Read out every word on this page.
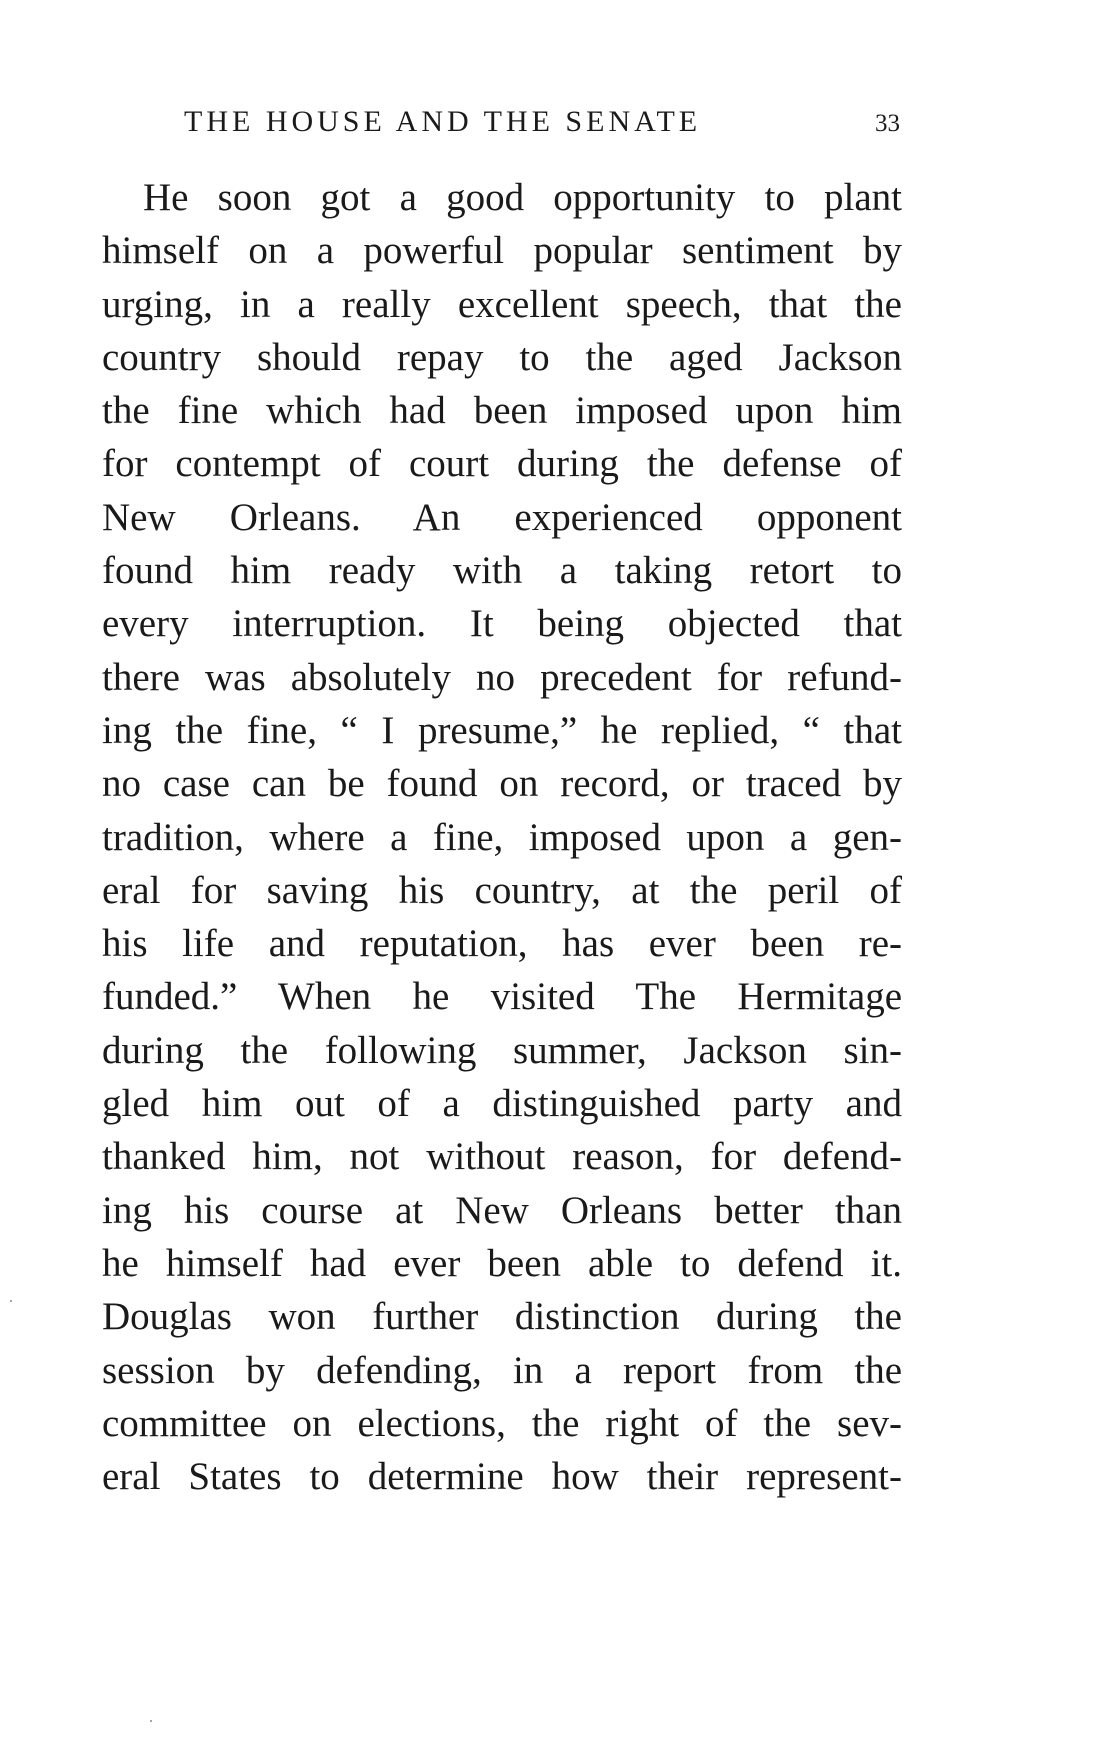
THE HOUSE AND THE SENATE	33
He soon got a good opportunity to plant
himself on a powerful popular sentiment by
urging, in a really excellent speech, that the
country should repay to the aged Jackson
the fine which had been imposed upon him
for contempt of court during the defense of
New Orleans. An experienced opponent
found him ready with a taking retort to
every interruption. It being objected that
there was absolutely no precedent for refund-
ing the fine, “ I presume,” he replied, “ that
no case can be found on record, or traced by
tradition, where a fine, imposed upon a gen-
eral for saving his country, at the peril of
his life and reputation, has ever been re-
funded.” When he visited The Hermitage
during the following summer, Jackson sin-
gled him out of a distinguished party and
thanked him, not without reason, for defend-
ing his course at New Orleans better than
he himself had ever been able to defend it.
Douglas won further distinction during the
session by defending, in a report from the
committee on elections, the right of the sev-
eral States to determine how their represent-
